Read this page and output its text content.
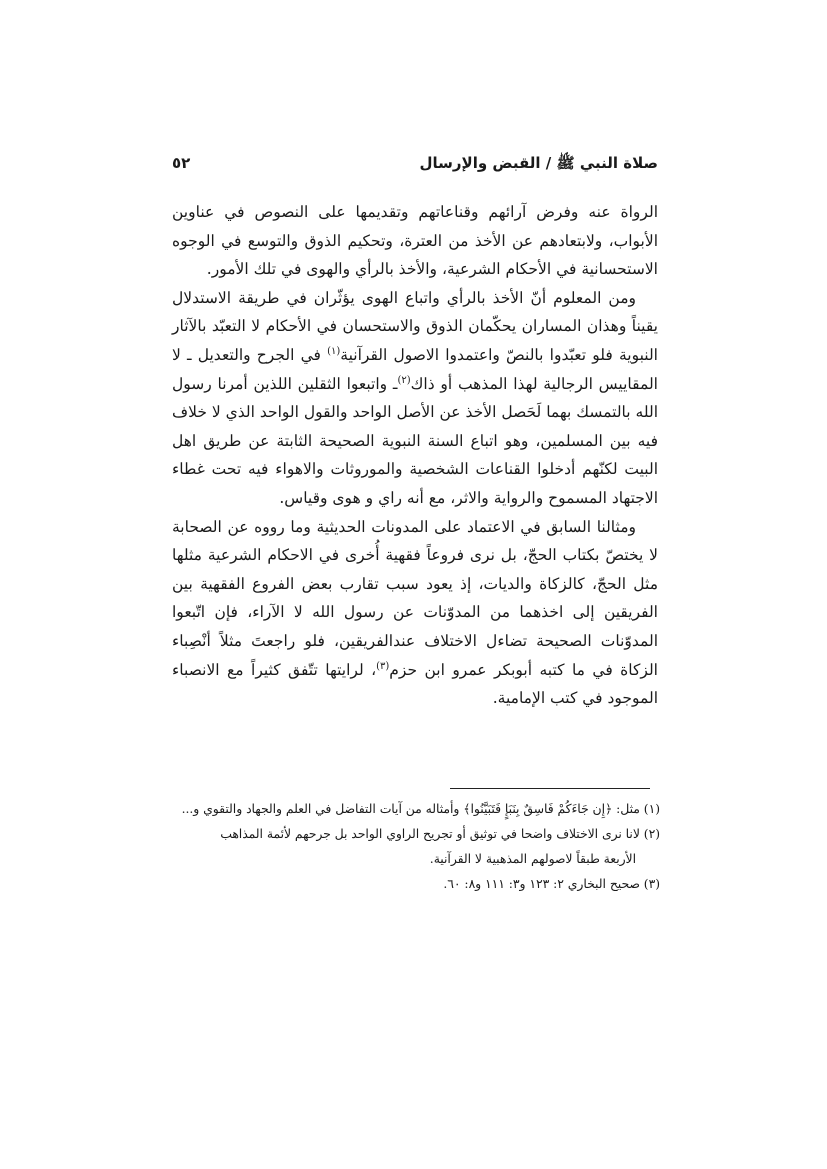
صلاة النبي ﷺ / القبض والإرسال
٥٢

الرواة عنه وفرض آرائهم وقناعاتهم وتقديمها على النصوص في عناوين الأبواب، ولابتعادهم عن الأخذ من العترة، وتحكيم الذوق والتوسع في الوجوه الاستحسانية في الأحكام الشرعية، والأخذ بالرأي والهوى في تلك الأمور.

ومن المعلوم أنّ الأخذ بالرأي واتباع الهوى يؤثّران في طريقة الاستدلال يقيناً وهذان المساران يحكّمان الذوق والاستحسان في الأحكام لا التعبّد بالآثار النبوية فلو تعبّدوا بالنصّ واعتمدوا الاصول القرآنية$^{(١)}$ في الجرح والتعديل ـ لا المقاييس الرجالية لهذا المذهب أو ذاك$^{(٢)}$ـ واتبعوا الثقلين اللذين أمرنا رسول الله بالتمسك بهما لَحَصل الأخذ عن الأصل الواحد والقول الواحد الذي لا خلاف فيه بين المسلمين، وهو اتباع السنة النبوية الصحيحة الثابتة عن طريق اهل البيت لكنّهم أدخلوا القناعات الشخصية والموروثات والاهواء فيه تحت غطاء الاجتهاد المسموح والرواية والاثر، مع أنه راي و هوى وقياس.

ومثالنا السابق في الاعتماد على المدونات الحديثية وما رووه عن الصحابة لا يختصّ بكتاب الحجّ، بل نرى فروعاً فقهية أُخرى في الاحكام الشرعية مثلها مثل الحجّ، كالزكاة والديات، إذ يعود سبب تقارب بعض الفروع الفقهية بين الفريقين إلى اخذهما من المدوّنات عن رسول الله لا الآراء، فإن اتّبعوا المدوّنات الصحيحة تضاءل الاختلاف عندالفريقين، فلو راجعتَ مثلاً أنْصِباء الزكاة في ما كتبه أبوبكر عمرو ابن حزم$^{(٣)}$، لرايتها تتّفق كثيراً مع الانصباء الموجود في كتب الإمامية.

(١) مثل: ﴿إِن جَاءَكُمْ فَاسِقٌ بِنَبَإٍ فَتَبَيَّنُوا﴾ وأمثاله من آيات التفاضل في العلم والجهاد والتقوي و...

(٢) لانا نرى الاختلاف واضحا في توثيق أو تجريح الراوي الواحد بل جرحهم لأئمة المذاهب

الأربعة طبقاً لاصولهم المذهبية لا القرآنية.

(٣) صحيح البخاري ٢: ١٢٣ و٣: ١١١ و٨: ٦٠.
